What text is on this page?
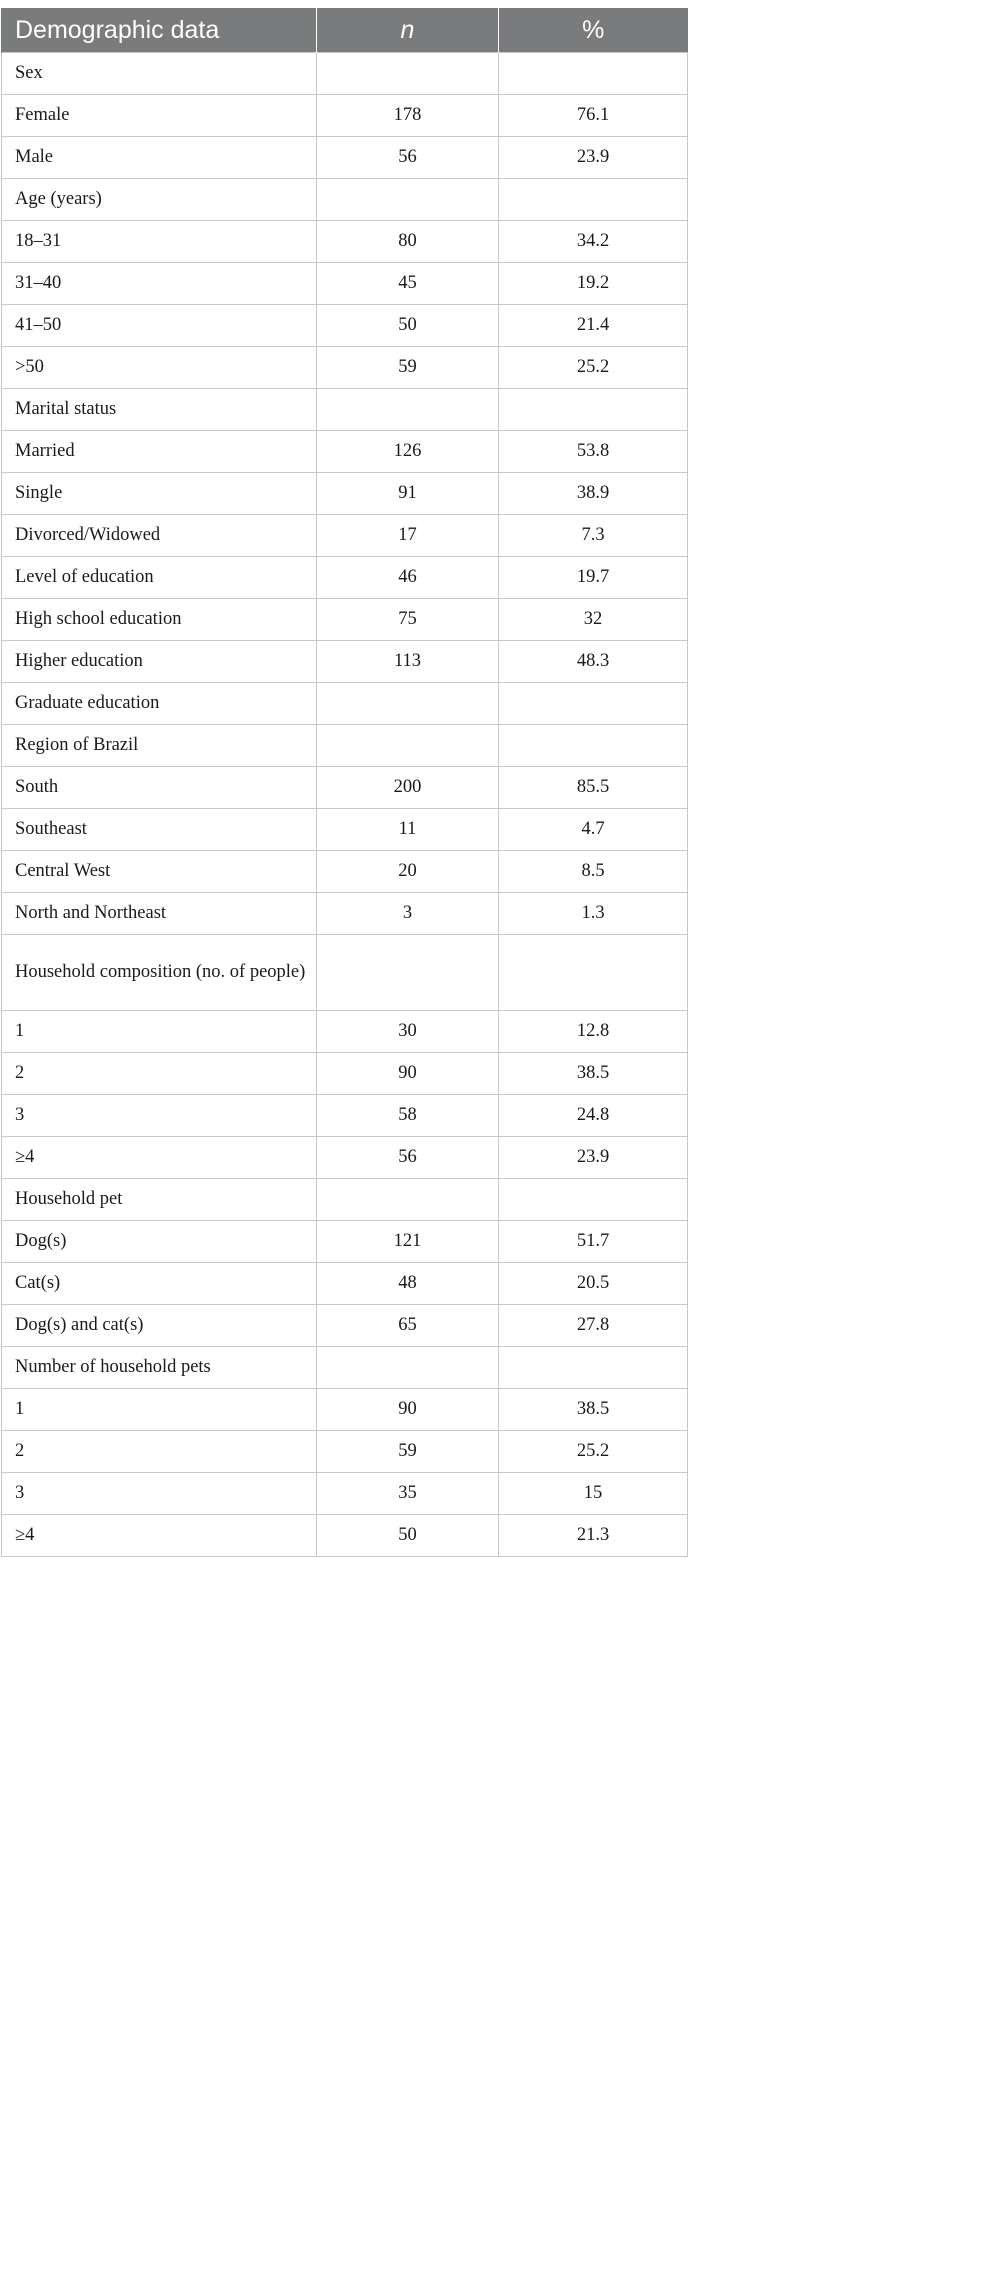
Demographic data	n	%
Sex		
Female	178	76.1
Male	56	23.9
Age (years)		
18–31	80	34.2
31–40	45	19.2
41–50	50	21.4
>50	59	25.2
Marital status		
Married	126	53.8
Single	91	38.9
Divorced/Widowed	17	7.3
Level of education	46	19.7
High school education	75	32
Higher education	113	48.3
Graduate education		
Region of Brazil		
South	200	85.5
Southeast	11	4.7
Central West	20	8.5
North and Northeast	3	1.3
Household composition (no. of people)		
1	30	12.8
2	90	38.5
3	58	24.8
≥4	56	23.9
Household pet		
Dog(s)	121	51.7
Cat(s)	48	20.5
Dog(s) and cat(s)	65	27.8
Number of household pets		
1	90	38.5
2	59	25.2
3	35	15
≥4	50	21.3
